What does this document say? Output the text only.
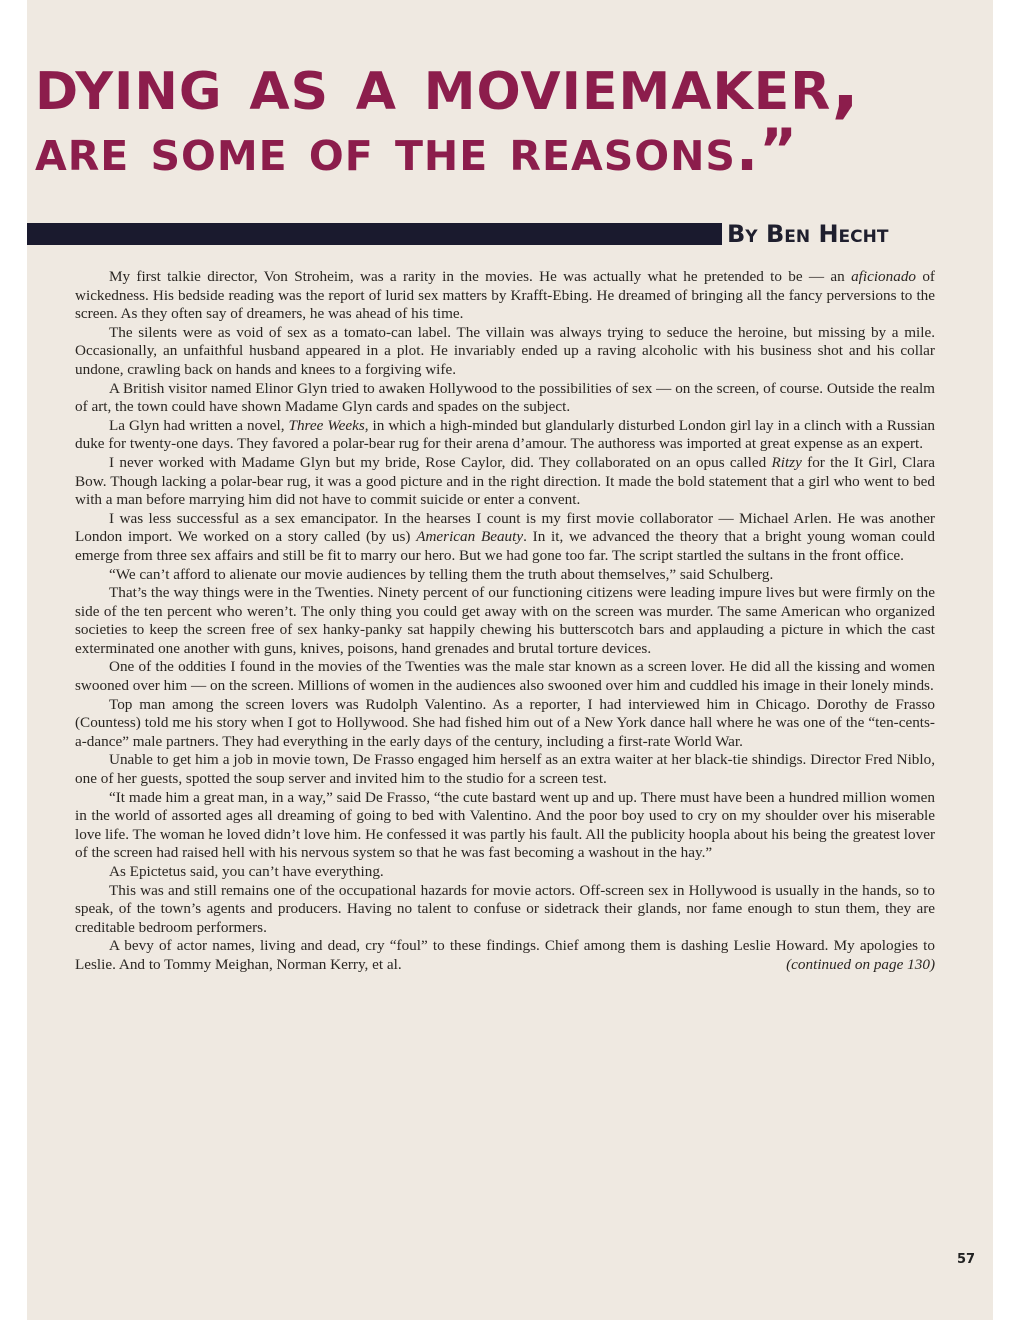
dying as a moviemaker,
are some of the reasons.”
By Ben Hecht

My first talkie director, Von Stroheim, was a rarity in the movies. He was actually what he pretended to be — an aficionado of wickedness. His bedside reading was the report of lurid sex matters by Krafft-Ebing. He dreamed of bringing all the fancy perversions to the screen. As they often say of dreamers, he was ahead of his time.

The silents were as void of sex as a tomato-can label. The villain was always trying to seduce the heroine, but missing by a mile. Occasionally, an unfaithful husband appeared in a plot. He invariably ended up a raving alcoholic with his business shot and his collar undone, crawling back on hands and knees to a forgiving wife.

A British visitor named Elinor Glyn tried to awaken Hollywood to the possibilities of sex — on the screen, of course. Outside the realm of art, the town could have shown Madame Glyn cards and spades on the subject.

La Glyn had written a novel, Three Weeks, in which a high-minded but glandularly disturbed London girl lay in a clinch with a Russian duke for twenty-one days. They favored a polar-bear rug for their arena d’amour. The authoress was imported at great expense as an expert.

I never worked with Madame Glyn but my bride, Rose Caylor, did. They collaborated on an opus called Ritzy for the It Girl, Clara Bow. Though lacking a polar-bear rug, it was a good picture and in the right direction. It made the bold statement that a girl who went to bed with a man before marrying him did not have to commit suicide or enter a convent.

I was less successful as a sex emancipator. In the hearses I count is my first movie collaborator — Michael Arlen. He was another London import. We worked on a story called (by us) American Beauty. In it, we advanced the theory that a bright young woman could emerge from three sex affairs and still be fit to marry our hero. But we had gone too far. The script startled the sultans in the front office.

“We can’t afford to alienate our movie audiences by telling them the truth about themselves,” said Schulberg.

That’s the way things were in the Twenties. Ninety percent of our functioning citizens were leading impure lives but were firmly on the side of the ten percent who weren’t. The only thing you could get away with on the screen was murder. The same American who organized societies to keep the screen free of sex hanky-panky sat happily chewing his butterscotch bars and applauding a picture in which the cast exterminated one another with guns, knives, poisons, hand grenades and brutal torture devices.

One of the oddities I found in the movies of the Twenties was the male star known as a screen lover. He did all the kissing and women swooned over him — on the screen. Millions of women in the audiences also swooned over him and cuddled his image in their lonely minds.

Top man among the screen lovers was Rudolph Valentino. As a reporter, I had interviewed him in Chicago. Dorothy de Frasso (Countess) told me his story when I got to Hollywood. She had fished him out of a New York dance hall where he was one of the “ten-cents-a-dance” male partners. They had everything in the early days of the century, including a first-rate World War.

Unable to get him a job in movie town, De Frasso engaged him herself as an extra waiter at her black-tie shindigs. Director Fred Niblo, one of her guests, spotted the soup server and invited him to the studio for a screen test.

“It made him a great man, in a way,” said De Frasso, “the cute bastard went up and up. There must have been a hundred million women in the world of assorted ages all dreaming of going to bed with Valentino. And the poor boy used to cry on my shoulder over his miserable love life. The woman he loved didn’t love him. He confessed it was partly his fault. All the publicity hoopla about his being the greatest lover of the screen had raised hell with his nervous system so that he was fast becoming a washout in the hay.”

As Epictetus said, you can’t have everything.

This was and still remains one of the occupational hazards for movie actors. Off-screen sex in Hollywood is usually in the hands, so to speak, of the town’s agents and producers. Having no talent to confuse or sidetrack their glands, nor fame enough to stun them, they are creditable bedroom performers.

A bevy of actor names, living and dead, cry “foul” to these findings. Chief among them is dashing Leslie Howard. My apologies to Leslie. And to Tommy Meighan, Norman Kerry, et al.	(continued on page 130)

57
